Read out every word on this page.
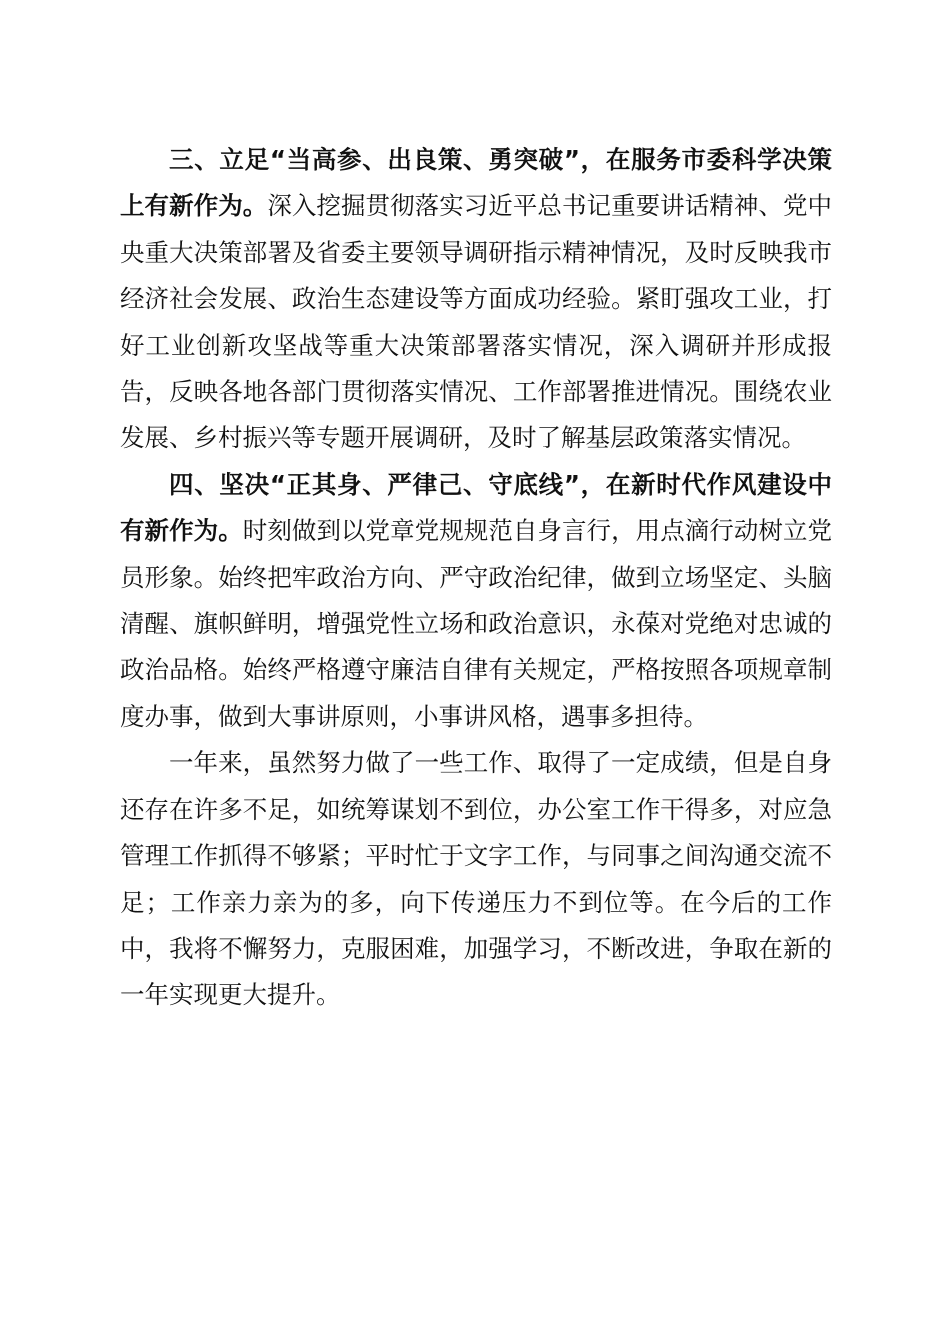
三、立足“当高参、出良策、勇突破”，在服务市委科学决策上有新作为。深入挖掘贯彻落实习近平总书记重要讲话精神、党中央重大决策部署及省委主要领导调研指示精神情况，及时反映我市经济社会发展、政治生态建设等方面成功经验。紧盯强攻工业，打好工业创新攻坚战等重大决策部署落实情况，深入调研并形成报告，反映各地各部门贯彻落实情况、工作部署推进情况。围绕农业发展、乡村振兴等专题开展调研，及时了解基层政策落实情况。

四、坚决“正其身、严律己、守底线”，在新时代作风建设中有新作为。时刻做到以党章党规规范自身言行，用点滴行动树立党员形象。始终把牢政治方向、严守政治纪律，做到立场坚定、头脑清醒、旗帜鲜明，增强党性立场和政治意识，永葆对党绝对忠诚的政治品格。始终严格遵守廉洁自律有关规定，严格按照各项规章制度办事，做到大事讲原则，小事讲风格，遇事多担待。

一年来，虽然努力做了一些工作、取得了一定成绩，但是自身还存在许多不足，如统筹谋划不到位，办公室工作干得多，对应急管理工作抓得不够紧；平时忙于文字工作，与同事之间沟通交流不足；工作亲力亲为的多，向下传递压力不到位等。在今后的工作中，我将不懈努力，克服困难，加强学习，不断改进，争取在新的一年实现更大提升。
